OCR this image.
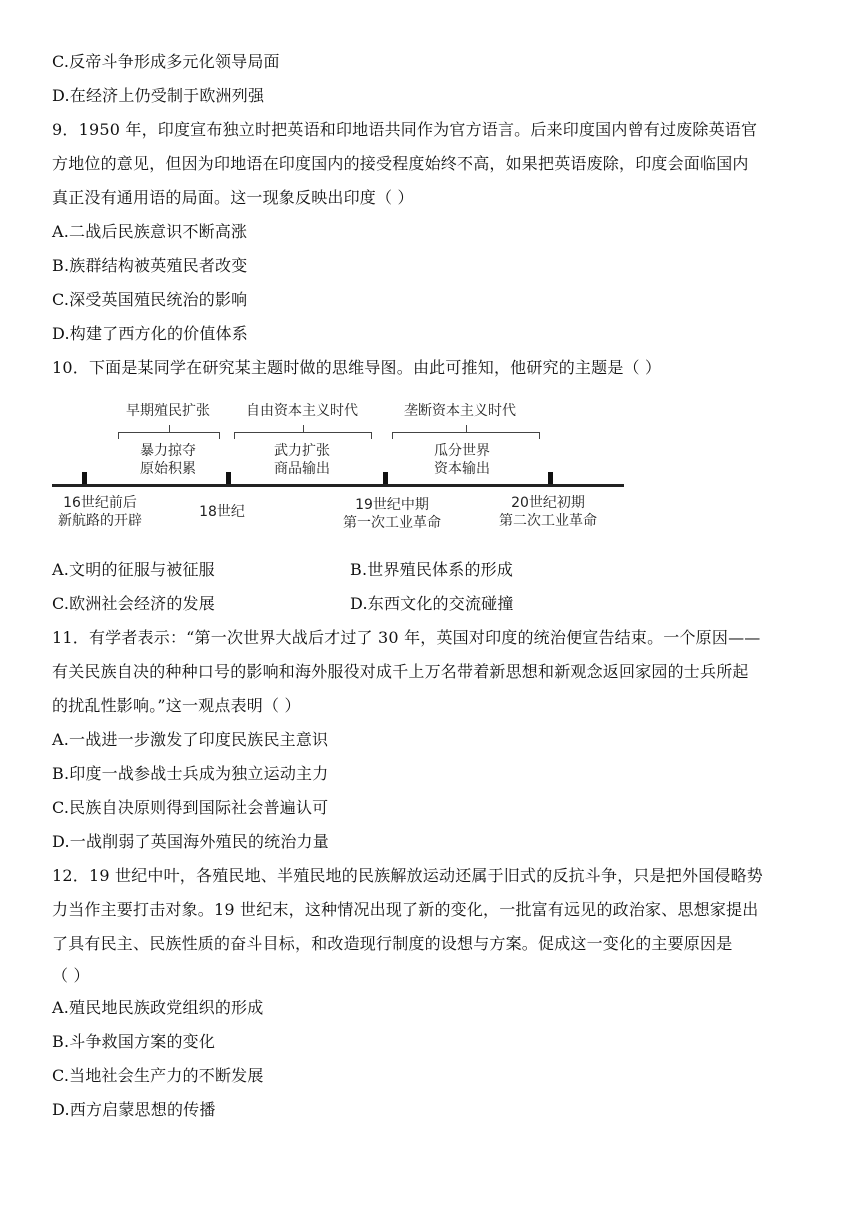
C.反帝斗争形成多元化领导局面
D.在经济上仍受制于欧洲列强
9．1950 年，印度宣布独立时把英语和印地语共同作为官方语言。后来印度国内曾有过废除英语官
方地位的意见，但因为印地语在印度国内的接受程度始终不高，如果把英语废除，印度会面临国内
真正没有通用语的局面。这一现象反映出印度（ ）
A.二战后民族意识不断高涨
B.族群结构被英殖民者改变
C.深受英国殖民统治的影响
D.构建了西方化的价值体系
10．下面是某同学在研究某主题时做的思维导图。由此可推知，他研究的主题是（ ）
早期殖民扩张	自由资本主义时代	垄断资本主义时代
暴力掠夺
原始积累
武力扩张
商品输出
瓜分世界
资本输出
16世纪前后
新航路的开辟
18世纪	19世纪中期
第一次工业革命
20世纪初期
第二次工业革命
A.文明的征服与被征服	B.世界殖民体系的形成
C.欧洲社会经济的发展	D.东西文化的交流碰撞
11．有学者表示：“第一次世界大战后才过了 30 年，英国对印度的统治便宣告结束。一个原因——
有关民族自决的种种口号的影响和海外服役对成千上万名带着新思想和新观念返回家园的士兵所起
的扰乱性影响。”这一观点表明（ ）
A.一战进一步激发了印度民族民主意识
B.印度一战参战士兵成为独立运动主力
C.民族自决原则得到国际社会普遍认可
D.一战削弱了英国海外殖民的统治力量
12．19 世纪中叶，各殖民地、半殖民地的民族解放运动还属于旧式的反抗斗争，只是把外国侵略势
力当作主要打击对象。19 世纪末，这种情况出现了新的变化，一批富有远见的政治家、思想家提出
了具有民主、民族性质的奋斗目标，和改造现行制度的设想与方案。促成这一变化的主要原因是
（ ）
A.殖民地民族政党组织的形成
B.斗争救国方案的变化
C.当地社会生产力的不断发展
D.西方启蒙思想的传播
